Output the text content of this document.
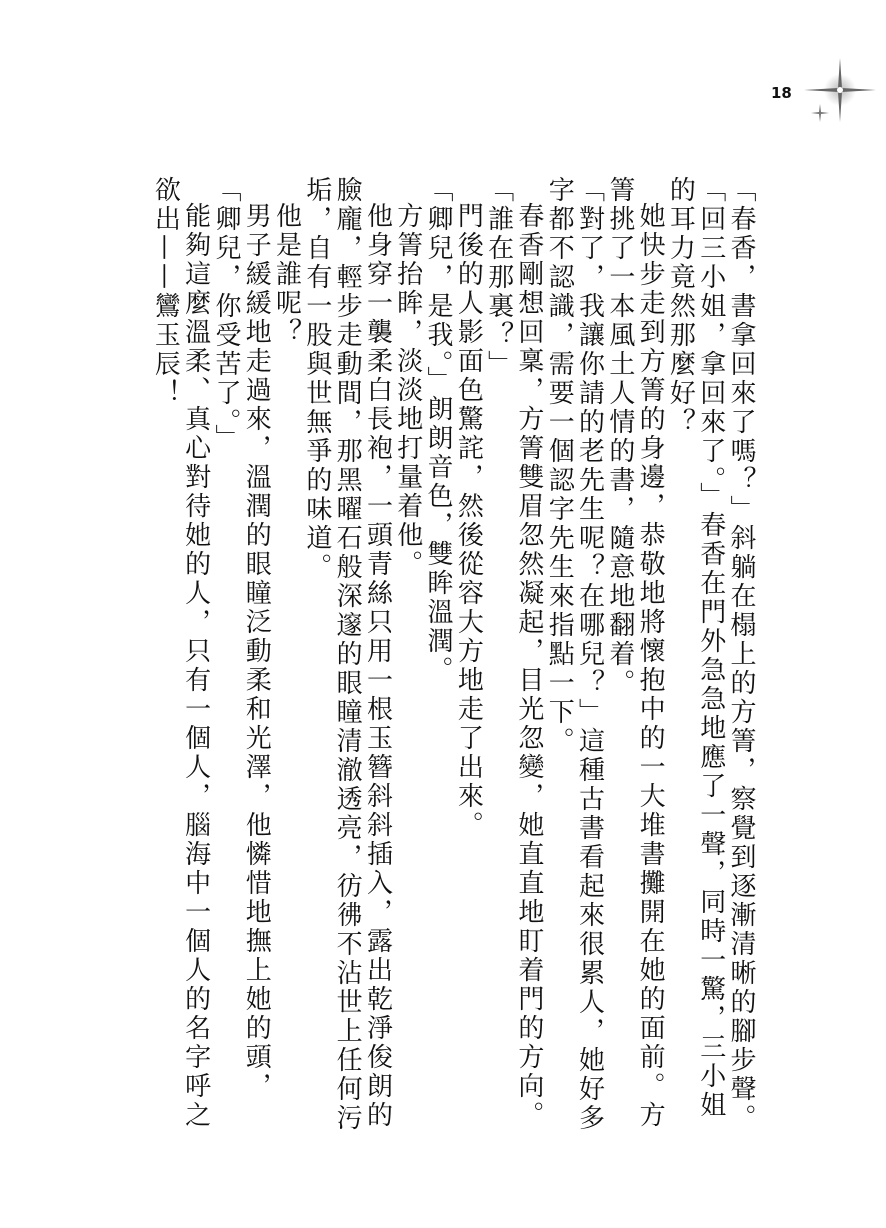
18

「春香，書拿回來了嗎？」斜躺在榻上的方箐，察覺到逐漸清晰的腳步聲。

「回三小姐，拿回來了。」春香在門外急急地應了一聲，同時一驚，三小姐的耳力竟然那麼好？

她快步走到方箐的身邊，恭敬地將懷抱中的一大堆書攤開在她的面前。方箐挑了一本風土人情的書，隨意地翻着。

「對了，我讓你請的老先生呢？在哪兒？」這種古書看起來很累人，她好多字都不認識，需要一個認字先生來指點一下。

春香剛想回稟，方箐雙眉忽然凝起，目光忽變，她直直地盯着門的方向。

「誰在那裏？」

門後的人影面色驚詫，然後從容大方地走了出來。

「卿兒，是我。」朗朗音色，雙眸溫潤。

方箐抬眸，淡淡地打量着他。

他身穿一襲柔白長袍，一頭青絲只用一根玉簪斜斜插入，露出乾淨俊朗的臉龐，輕步走動間，那黑曜石般深邃的眼瞳清澈透亮，彷彿不沾世上任何污垢，自有一股與世無爭的味道。

他是誰呢？

男子緩緩地走過來，溫潤的眼瞳泛動柔和光澤，他憐惜地撫上她的頭，「卿兒，你受苦了。」

能夠這麼溫柔、真心對待她的人，只有一個人，腦海中一個人的名字呼之欲出——鸞玉辰！
